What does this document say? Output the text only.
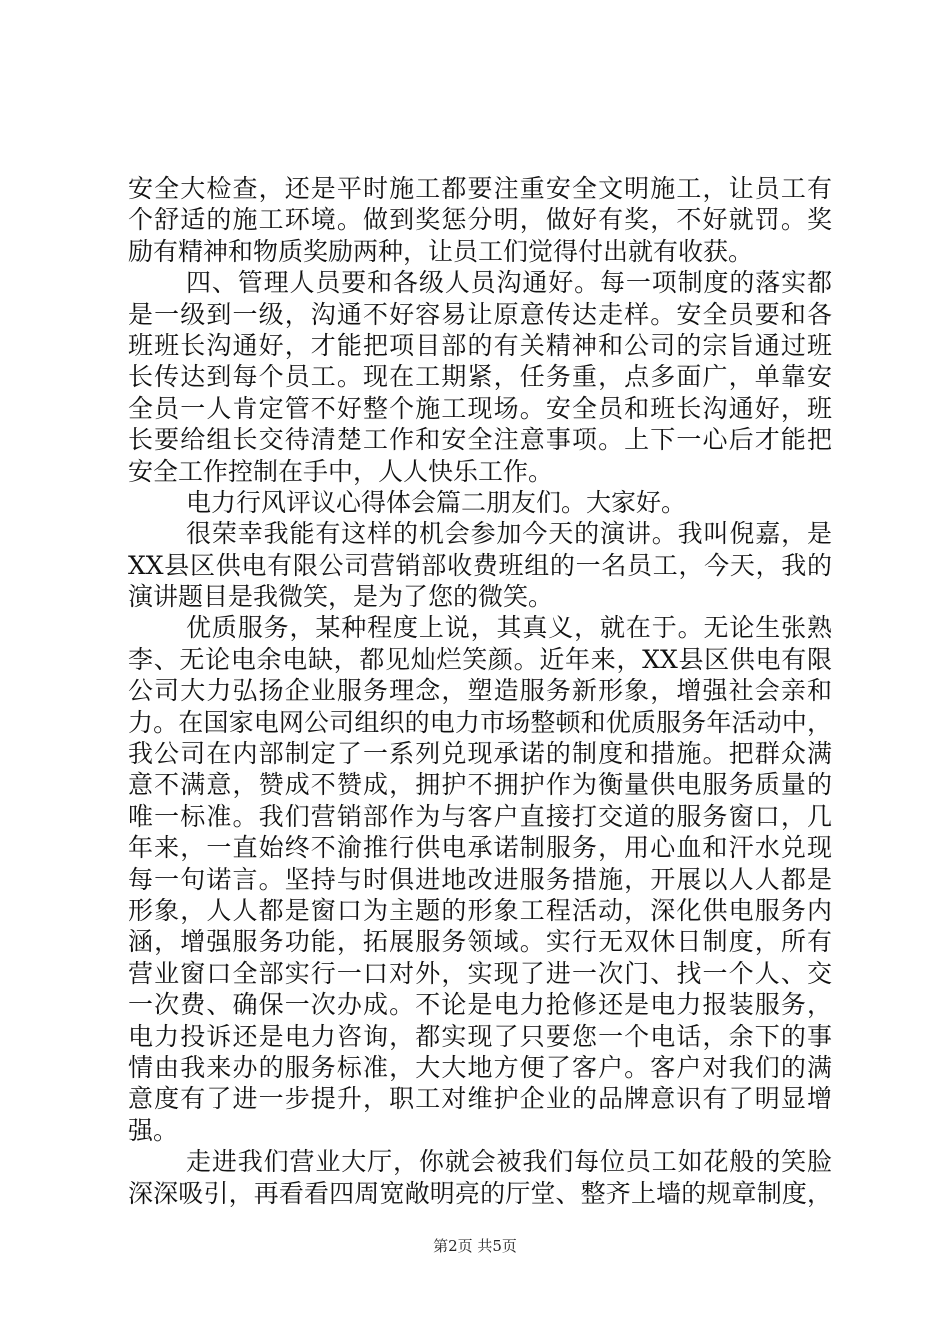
安全大检查，还是平时施工都要注重安全文明施工，让员工有
个舒适的施工环境。做到奖惩分明，做好有奖，不好就罚。奖
励有精神和物质奖励两种，让员工们觉得付出就有收获。
四、管理人员要和各级人员沟通好。每一项制度的落实都
是一级到一级，沟通不好容易让原意传达走样。安全员要和各
班班长沟通好，才能把项目部的有关精神和公司的宗旨通过班
长传达到每个员工。现在工期紧，任务重，点多面广，单靠安
全员一人肯定管不好整个施工现场。安全员和班长沟通好，班
长要给组长交待清楚工作和安全注意事项。上下一心后才能把
安全工作控制在手中，人人快乐工作。
电力行风评议心得体会篇二朋友们。大家好。
很荣幸我能有这样的机会参加今天的演讲。我叫倪嘉，是
XX县区供电有限公司营销部收费班组的一名员工，今天，我的
演讲题目是我微笑，是为了您的微笑。
优质服务，某种程度上说，其真义，就在于。无论生张熟
李、无论电余电缺，都见灿烂笑颜。近年来，XX县区供电有限
公司大力弘扬企业服务理念，塑造服务新形象，增强社会亲和
力。在国家电网公司组织的电力市场整顿和优质服务年活动中，
我公司在内部制定了一系列兑现承诺的制度和措施。把群众满
意不满意，赞成不赞成，拥护不拥护作为衡量供电服务质量的
唯一标准。我们营销部作为与客户直接打交道的服务窗口，几
年来，一直始终不渝推行供电承诺制服务，用心血和汗水兑现
每一句诺言。坚持与时俱进地改进服务措施，开展以人人都是
形象，人人都是窗口为主题的形象工程活动，深化供电服务内
涵，增强服务功能，拓展服务领域。实行无双休日制度，所有
营业窗口全部实行一口对外，实现了进一次门、找一个人、交
一次费、确保一次办成。不论是电力抢修还是电力报装服务，
电力投诉还是电力咨询，都实现了只要您一个电话，余下的事
情由我来办的服务标准，大大地方便了客户。客户对我们的满
意度有了进一步提升，职工对维护企业的品牌意识有了明显增
强。
走进我们营业大厅，你就会被我们每位员工如花般的笑脸
深深吸引，再看看四周宽敞明亮的厅堂、整齐上墙的规章制度，
第2页 共5页
